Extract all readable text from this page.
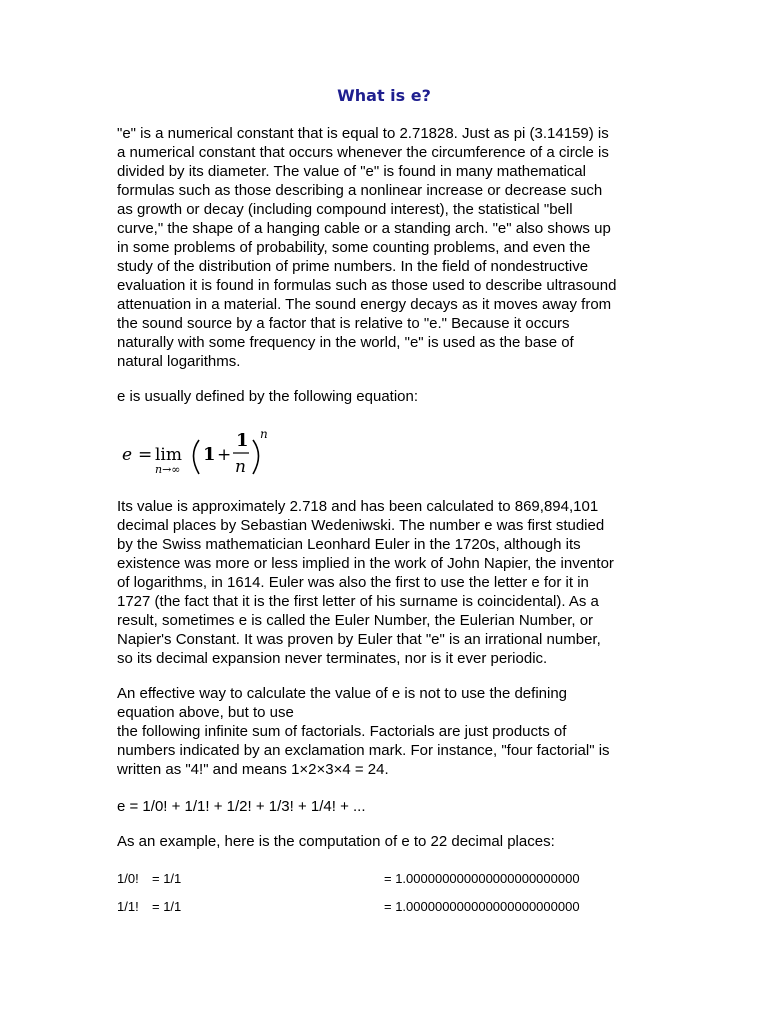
What is e?

"e" is a numerical constant that is equal to 2.71828. Just as pi (3.14159) is
a numerical constant that occurs whenever the circumference of a circle is
divided by its diameter. The value of "e" is found in many mathematical
formulas such as those describing a nonlinear increase or decrease such
as growth or decay (including compound interest), the statistical "bell
curve," the shape of a hanging cable or a standing arch. "e" also shows up
in some problems of probability, some counting problems, and even the
study of the distribution of prime numbers. In the field of nondestructive
evaluation it is found in formulas such as those used to describe ultrasound
attenuation in a material. The sound energy decays as it moves away from
the sound source by a factor that is relative to "e." Because it occurs
naturally with some frequency in the world, "e" is used as the base of
natural logarithms.

e is usually defined by the following equation:

e = lim
n→∞
1 +
1
n
n

Its value is approximately 2.718 and has been calculated to 869,894,101
decimal places by Sebastian Wedeniwski. The number e was first studied
by the Swiss mathematician Leonhard Euler in the 1720s, although its
existence was more or less implied in the work of John Napier, the inventor
of logarithms, in 1614. Euler was also the first to use the letter e for it in
1727 (the fact that it is the first letter of his surname is coincidental). As a
result, sometimes e is called the Euler Number, the Eulerian Number, or
Napier's Constant. It was proven by Euler that "e" is an irrational number,
so its decimal expansion never terminates, nor is it ever periodic.

An effective way to calculate the value of e is not to use the defining
equation above, but to use
the following infinite sum of factorials. Factorials are just products of
numbers indicated by an exclamation mark. For instance, "four factorial" is
written as "4!" and means 1×2×3×4 = 24.

e = 1/0! + 1/1! + 1/2! + 1/3! + 1/4! + ...

As an example, here is the computation of e to 22 decimal places:

1/0! = 1/1	= 1.000000000000000000000000
1/1! = 1/1	= 1.000000000000000000000000
